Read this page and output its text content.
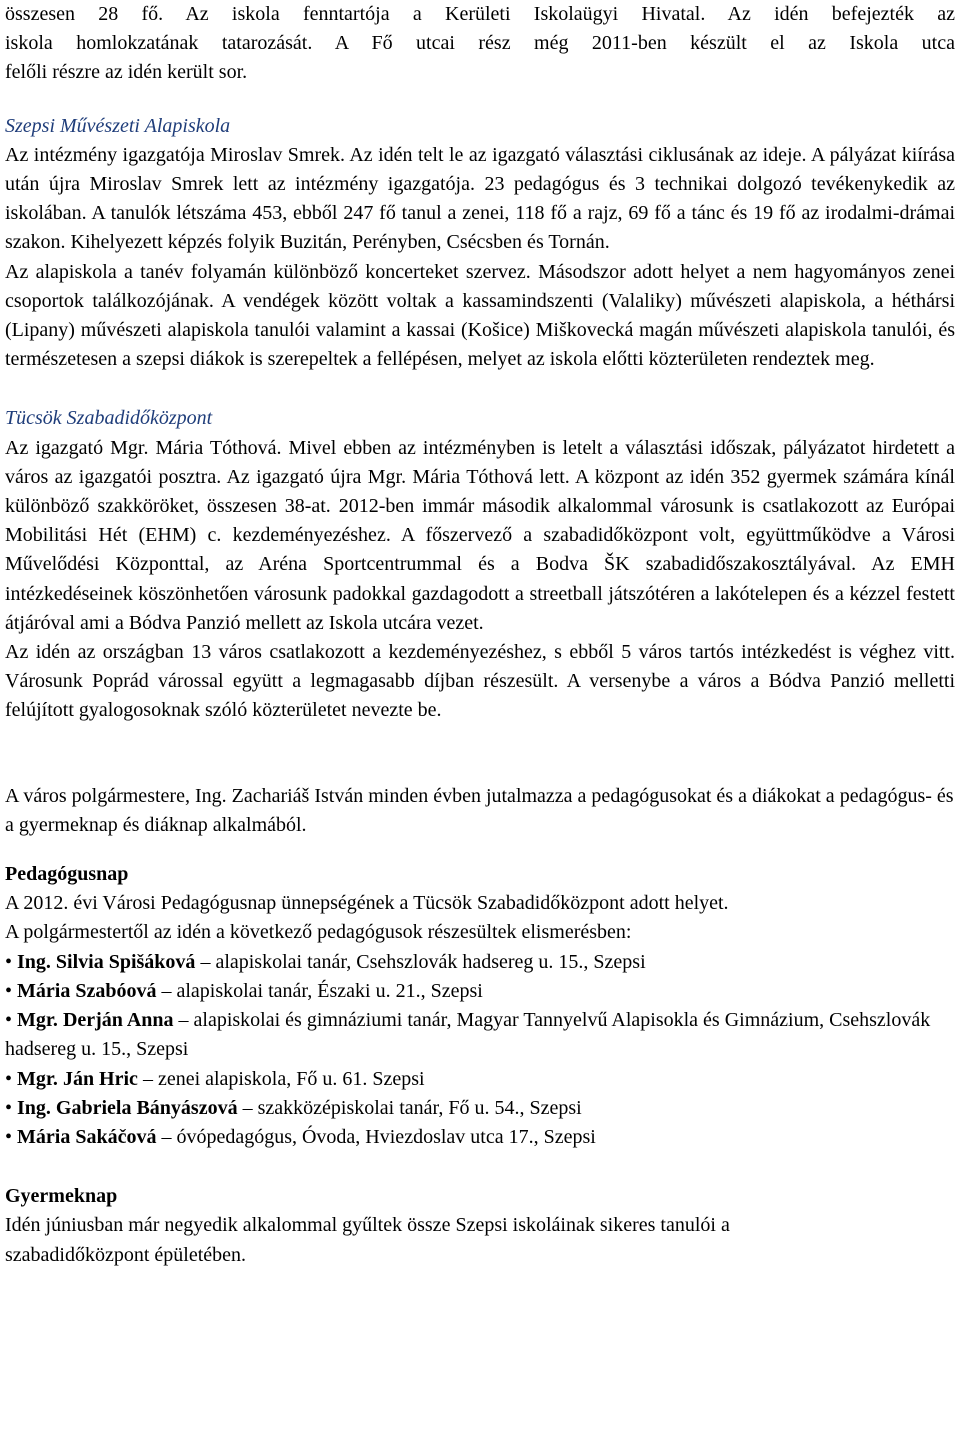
összesen 28 fő. Az iskola fenntartója a Kerületi Iskolaügyi Hivatal. Az idén befejezték az

iskola homlokzatának tatarozását. A Fő utcai rész még 2011-ben készült el az Iskola utca

felőli részre az idén került sor.

Szepsi Művészeti Alapiskola

Az intézmény igazgatója Miroslav Smrek. Az idén telt le az igazgató választási ciklusának az ideje. A pályázat kiírása után újra Miroslav Smrek lett az intézmény igazgatója. 23 pedagógus és 3 technikai dolgozó tevékenykedik az iskolában. A tanulók létszáma 453, ebből 247 fő tanul a zenei, 118 fő a rajz, 69 fő a tánc és 19 fő az irodalmi-drámai szakon. Kihelyezett képzés folyik Buzitán, Perényben, Csécsben és Tornán.

Az alapiskola a tanév folyamán különböző koncerteket szervez. Másodszor adott helyet a nem hagyományos zenei csoportok találkozójának. A vendégek között voltak a kassamindszenti (Valaliky) művészeti alapiskola, a héthársi (Lipany) művészeti alapiskola tanulói valamint a kassai (Košice) Miškovecká magán művészeti alapiskola tanulói, és természetesen a szepsi diákok is szerepeltek a fellépésen, melyet az iskola előtti közterületen rendeztek meg.

Tücsök Szabadidőközpont

Az igazgató Mgr. Mária Tóthová. Mivel ebben az intézményben is letelt a választási időszak, pályázatot hirdetett a város az igazgatói posztra. Az igazgató újra Mgr. Mária Tóthová lett. A központ az idén 352 gyermek számára kínál különböző szakköröket, összesen 38-at. 2012-ben immár második alkalommal városunk is csatlakozott az Európai Mobilitási Hét (EHM) c. kezdeményezéshez. A főszervező a szabadidőközpont volt, együttműködve a Városi Művelődési Központtal, az Aréna Sportcentrummal és a Bodva ŠK szabadidőszakosztályával. Az EMH intézkedéseinek köszönhetően városunk padokkal gazdagodott a streetball játszótéren a lakótelepen és a kézzel festett átjáróval ami a Bódva Panzió mellett az Iskola utcára vezet.

Az idén az országban 13 város csatlakozott a kezdeményezéshez, s ebből 5 város tartós intézkedést is véghez vitt. Városunk Poprád várossal együtt a legmagasabb díjban részesült. A versenybe a város a Bódva Panzió melletti felújított gyalogosoknak szóló közterületet nevezte be.

A város polgármestere, Ing. Zachariáš István minden évben jutalmazza a pedagógusokat és a diákokat a pedagógus- és a gyermeknap és diáknap alkalmából.

Pedagógusnap

A 2012. évi Városi Pedagógusnap ünnepségének a Tücsök Szabadidőközpont adott helyet.

A polgármestertől az idén a következő pedagógusok részesültek elismerésben:

• Ing. Silvia Spišáková – alapiskolai tanár, Csehszlovák hadsereg u. 15., Szepsi
• Mária Szabóová – alapiskolai tanár, Északi u. 21., Szepsi
• Mgr. Derján Anna – alapiskolai és gimnáziumi tanár, Magyar Tannyelvű Alapisokla és Gimnázium, Csehszlovák hadsereg u. 15., Szepsi
• Mgr. Ján Hric – zenei alapiskola, Fő u. 61. Szepsi
• Ing. Gabriela Bányászová – szakközépiskolai tanár, Fő u. 54., Szepsi
• Mária Sakáčová – óvópedagógus, Óvoda, Hviezdoslav utca 17., Szepsi

Gyermeknap

Idén júniusban már negyedik alkalommal gyűltek össze Szepsi iskoláinak sikeres tanulói a szabadidőközpont épületében.
